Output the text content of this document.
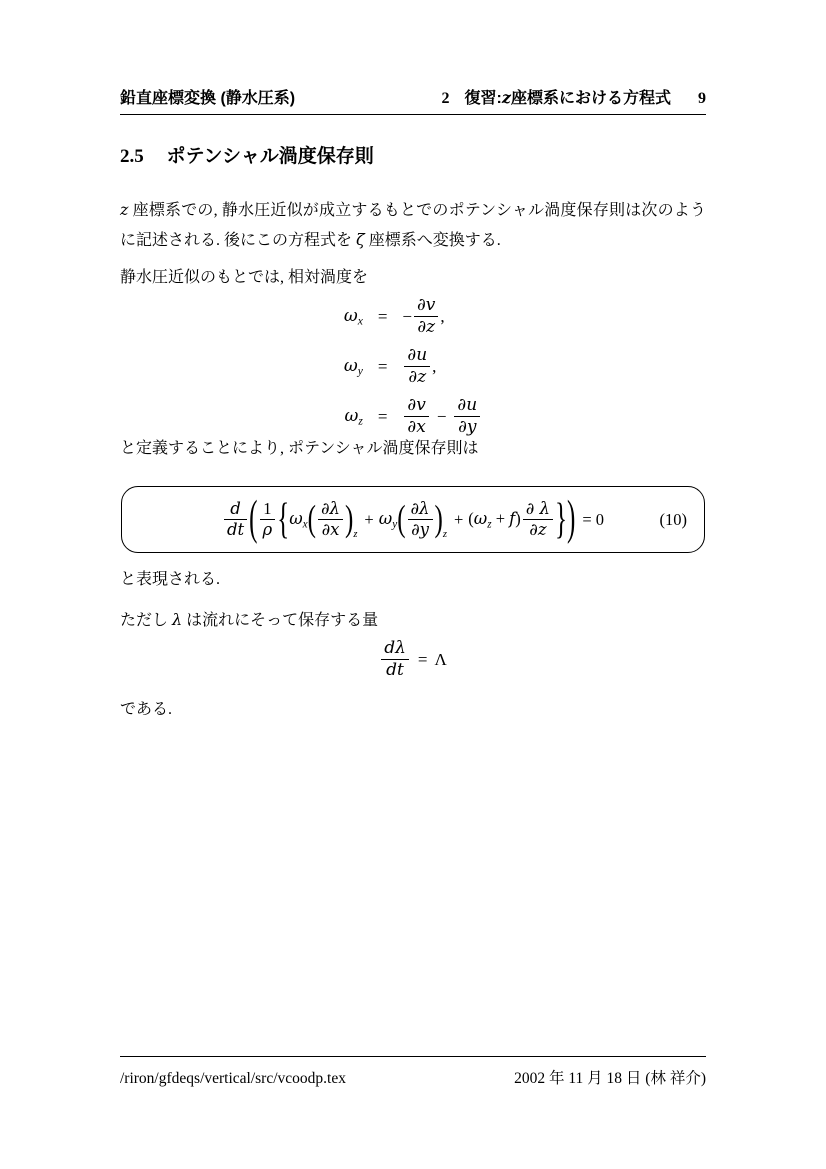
鉛直座標変換 (静水圧系)	2 復習: z 座標系における方程式 9
2.5 ポテンシャル渦度保存則
z 座標系での, 静水圧近似が成立するもとでのポテンシャル渦度保存則は次のように記述される. 後にこの方程式を ζ 座標系へ変換する.
静水圧近似のもとでは, 相対渦度を
$\omega_x$ = − $\frac{\partial v}{\partial z}$ ,
$\omega_y = \frac{\partial u}{\partial z}$ ,
$\omega_z = \frac{\partial v}{\partial x} - \frac{\partial u}{\partial y}$
と定義することにより, ポテンシャル渦度保存則は
$\frac{d}{dt}$ ( $\frac{1}{\rho}$ { $\omega_x$ ( $\frac{\partial\lambda}{\partial x}$ ) z
+ $\omega_y$ ( $\frac{\partial\lambda}{\partial y}$ ) z
+ $(\omega_z + f) \frac{\partial \lambda}{\partial z}$ } ) = 0	(10)
と表現される.
ただし λ は流れにそって保存する量
$\frac{d\lambda}{dt} = \Lambda$
である.
/riron/gfdeqs/vertical/src/vcoodp.tex	2002 年 11 月 18 日 (林 祥介)
